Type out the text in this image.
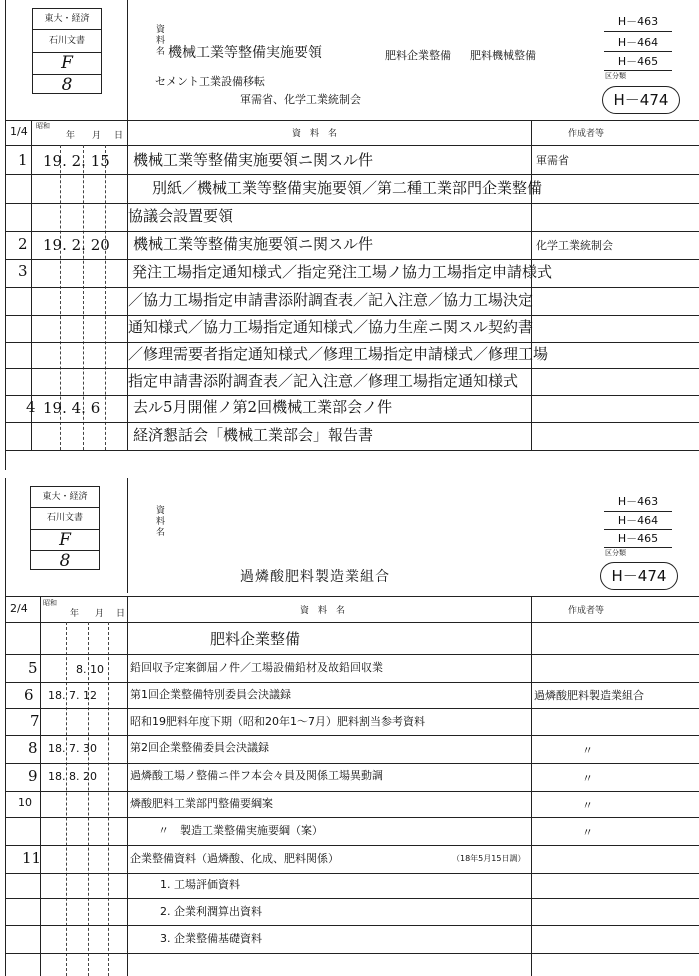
東大・経済
石川文書
F
8
資
料
名 機械工業等整備実施要領	肥料企業整備 肥料機械整備
セメント工業設備移転
軍需省、化学工業統制会
H－463
H－464
H－465
区分類
H－474
1/4 昭和
年 月 日	資　料　名	作成者等
1 19. 2. 15 機械工業等整備実施要領ニ関スル件	軍需省
別紙／機械工業等整備実施要領／第二種工業部門企業整備
協議会設置要領
2 19. 2. 20 機械工業等整備実施要領ニ関スル件	化学工業統制会
3	発注工場指定通知様式／指定発注工場ノ協力工場指定申請様式
／協力工場指定申請書添附調査表／記入注意／協力工場決定
通知様式／協力工場指定通知様式／協力生産ニ関スル契約書
／修理需要者指定通知様式／修理工場指定申請様式／修理工場
指定申請書添附調査表／記入注意／修理工場指定通知様式
4 19. 4. 6 去ル5月開催ノ第2回機械工業部会ノ件
経済懇話会「機械工業部会」報告書
東大・経済
石川文書
F
8
資
料
名
過燐酸肥料製造業組合
H－463
H－464
H－465
区分類
H－474
2/4 昭和
年 月 日	資　料　名	作成者等
肥料企業整備
5	8. 10 鉛回収予定案御届ノ件／工場設備鉛材及故鉛回収業
6 18. 7. 12	第1回企業整備特別委員会決議録	過燐酸肥料製造業組合
7	昭和19肥料年度下期（昭和20年1〜7月）肥料割当参考資料
8 18. 7. 30	第2回企業整備委員会決議録	〃
9 18. 8. 20	過燐酸工場ノ整備ニ伴フ本会々員及関係工場異動調	〃
10	燐酸肥料工業部門整備要綱案	〃
〃　製造工業整備実施要綱（案）	〃
11	企業整備資料（過燐酸、化成、肥料関係）	（18年5月15日調）
1. 工場評価資料
2. 企業利潤算出資料
3. 企業整備基礎資料
